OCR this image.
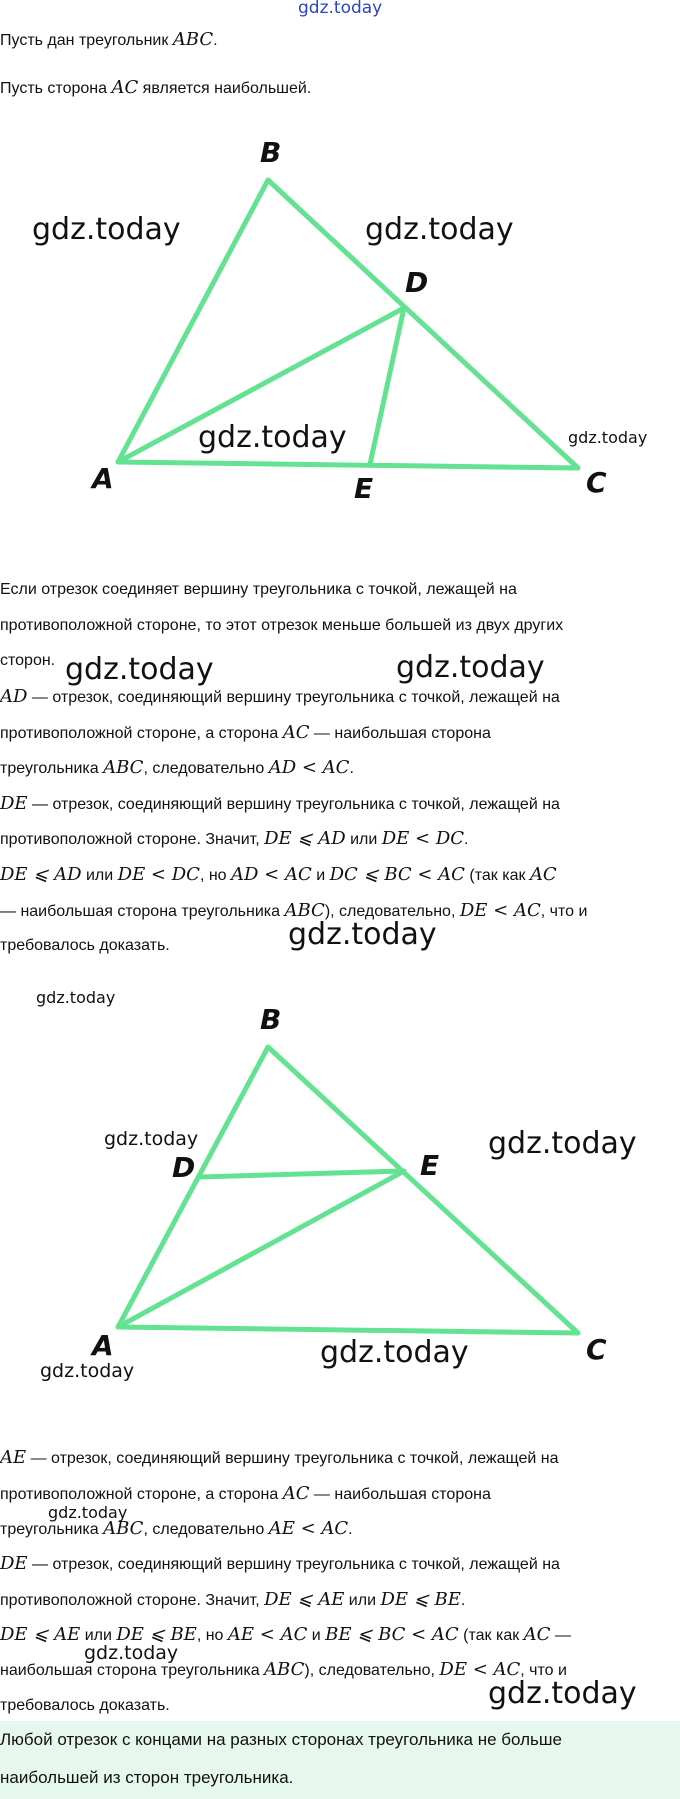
gdz.today

Пусть дан треугольник ABC.

Пусть сторона AC является наибольшей.

B
D
A	E	C

Если отрезок соединяет вершину треугольника с точкой, лежащей на

противоположной стороне, то этот отрезок меньше большей из двух других

сторон.

AD — отрезок, соединяющий вершину треугольника с точкой, лежащей на

противоположной стороне, а сторона AC — наибольшая сторона

треугольника ABC, следовательно AD < AC.

DE — отрезок, соединяющий вершину треугольника с точкой, лежащей на

противоположной стороне. Значит, DE ⩽ AD или DE < DC.

DE ⩽ AD или DE < DC, но AD < AC и DC ⩽ BC < AC (так как AC

— наибольшая сторона треугольника ABC), следовательно, DE < AC, что и

требовалось доказать.

B
D	E
A	C

AE — отрезок, соединяющий вершину треугольника с точкой, лежащей на

противоположной стороне, а сторона AC — наибольшая сторона

треугольника ABC, следовательно AE < AC.

DE — отрезок, соединяющий вершину треугольника с точкой, лежащей на

противоположной стороне. Значит, DE ⩽ AE или DE ⩽ BE.

DE ⩽ AE или DE ⩽ BE, но AE < AC и BE ⩽ BC < AC (так как AC —

наибольшая сторона треугольника ABC), следовательно, DE < AC, что и

требовалось доказать.

Любой отрезок с концами на разных сторонах треугольника не больше
наибольшей из сторон треугольника.
gdz.today	gdz.today
gdz.today	gdz.today
gdz.today	gdz.today
gdz.today
gdz.today
gdz.today	gdz.today
gdz.today
gdz.today
gdz.today
gdz.today
gdz.today
